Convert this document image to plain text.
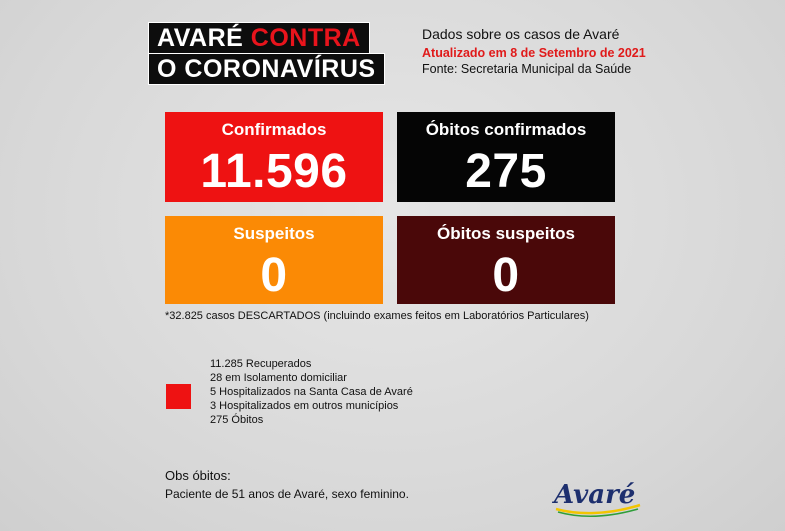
AVARÉ CONTRA
O CORONAVÍRUS
Dados sobre os casos de Avaré
Atualizado em 8 de Setembro de 2021
Fonte: Secretaria Municipal da Saúde
Confirmados
11.596
Óbitos confirmados
275
Suspeitos
0
Óbitos suspeitos
0
*32.825 casos DESCARTADOS (incluindo exames feitos em Laboratórios Particulares)
11.285 Recuperados
28 em Isolamento domiciliar
5 Hospitalizados na Santa Casa de Avaré
3 Hospitalizados em outros municípios
275 Óbitos
Obs óbitos:
Paciente de 51 anos de Avaré, sexo feminino.	Avaré
